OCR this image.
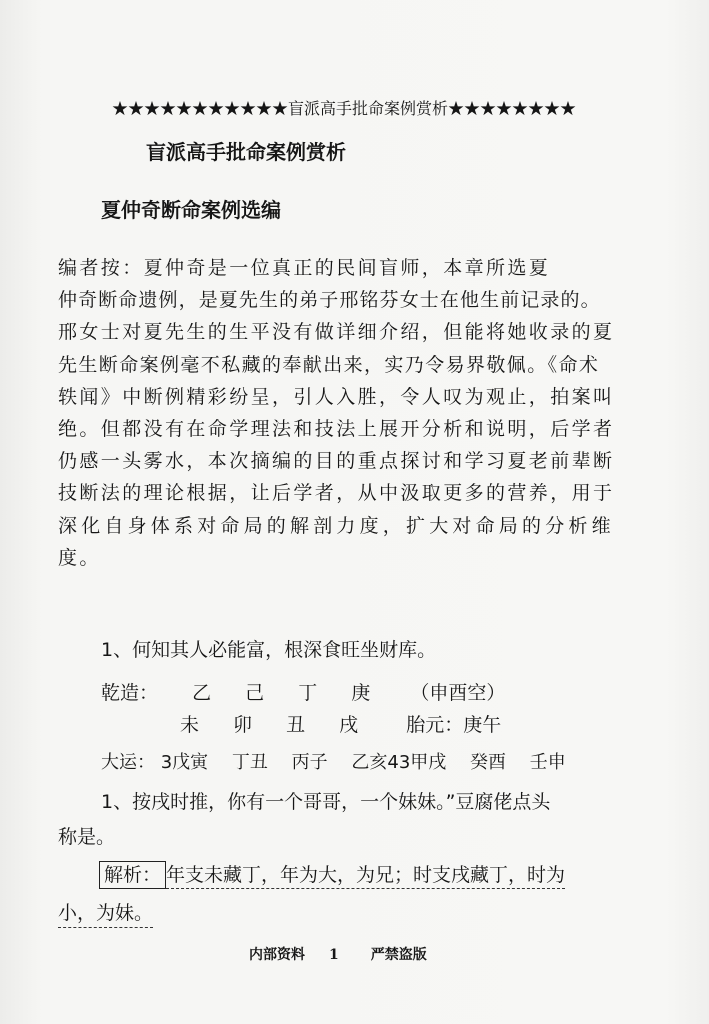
★★★★★★★★★★★盲派高手批命案例赏析★★★★★★★★
盲派高手批命案例赏析
夏仲奇断命案例选编
编者按：夏仲奇是一位真正的民间盲师，本章所选夏
仲奇断命遗例，是夏先生的弟子邢铭芬女士在他生前记录的。
邢女士对夏先生的生平没有做详细介绍，但能将她收录的夏
先生断命案例毫不私藏的奉献出来，实乃令易界敬佩。《命术
轶闻》中断例精彩纷呈，引人入胜，令人叹为观止，拍案叫
绝。但都没有在命学理法和技法上展开分析和说明，后学者
仍感一头雾水，本次摘编的目的重点探讨和学习夏老前辈断
技断法的理论根据，让后学者，从中汲取更多的营养，用于
深化自身体系对命局的解剖力度，扩大对命局的分析维
度。
1、何知其人必能富，根深食旺坐财库。
乾造： 乙 己 丁 庚 （申酉空）
未 卯 丑 戌 胎元：庚午
大运： 3戊寅 丁丑 丙子 乙亥43甲戌 癸酉 壬申
1、按戌时推，你有一个哥哥，一个妹妹。”豆腐佬点头
称是。
解析： 年支未藏丁，年为大，为兄；时支戌藏丁，时为
小，为妹。
内部资料 1 严禁盗版
